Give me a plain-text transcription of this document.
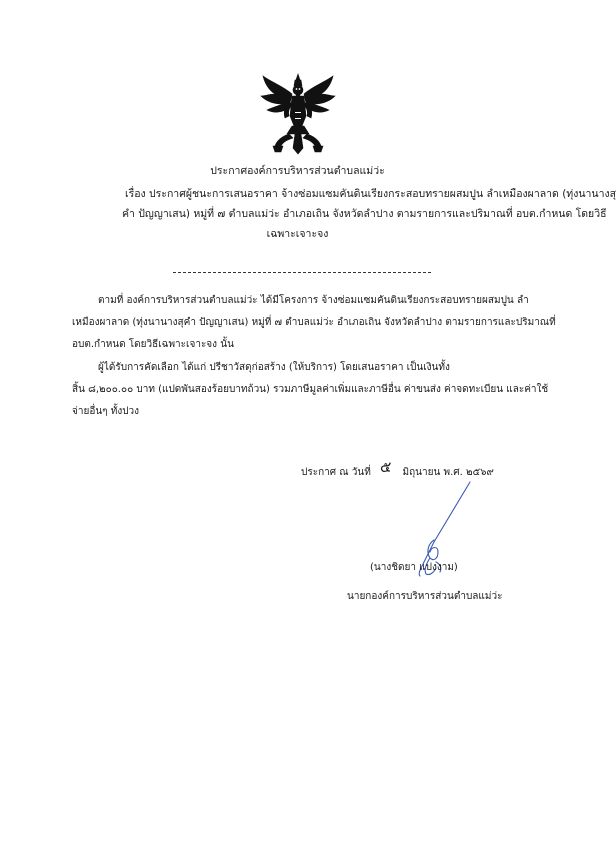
ประกาศองค์การบริหารส่วนตำบลแม่ว่ะ
เรื่อง ประกาศผู้ชนะการเสนอราคา จ้างซ่อมแซมคันดินเรียงกระสอบทรายผสมปูน ลำเหมืองผาลาด (ทุ่งนานางสุ
คำ ปัญญาเสน) หมู่ที่ ๗ ตำบลแม่ว่ะ อำเภอเถิน จังหวัดลำปาง ตามรายการและปริมาณที่ อบต.กำหนด โดยวิธี
เฉพาะเจาะจง
ตามที่ องค์การบริหารส่วนตำบลแม่ว่ะ ได้มีโครงการ จ้างซ่อมแซมคันดินเรียงกระสอบทรายผสมปูน ลำ
เหมืองผาลาด (ทุ่งนานางสุคำ ปัญญาเสน) หมู่ที่ ๗ ตำบลแม่ว่ะ อำเภอเถิน จังหวัดลำปาง ตามรายการและปริมาณที่
อบต.กำหนด โดยวิธีเฉพาะเจาะจง นั้น
ผู้ได้รับการคัดเลือก ได้แก่ ปรีชาวัสดุก่อสร้าง (ให้บริการ) โดยเสนอราคา เป็นเงินทั้ง
สิ้น ๘,๒๐๐.๐๐ บาท (แปดพันสองร้อยบาทถ้วน) รวมภาษีมูลค่าเพิ่มและภาษีอื่น ค่าขนส่ง ค่าจดทะเบียน และค่าใช้
จ่ายอื่นๆ ทั้งปวง
ประกาศ ณ วันที่ ๕ มิถุนายน พ.ศ. ๒๕๖๙
(นางชิดยา แปงงาม)
นายกองค์การบริหารส่วนตำบลแม่ว่ะ
